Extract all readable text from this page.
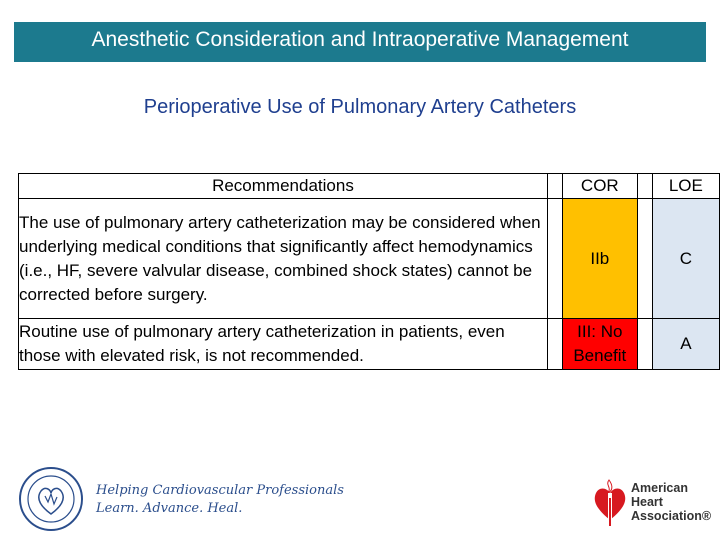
Anesthetic Consideration and Intraoperative Management
Perioperative Use of Pulmonary Artery Catheters
Recommendations		COR		LOE
The use of pulmonary artery catheterization may be considered when underlying medical conditions that significantly affect hemodynamics (i.e., HF, severe valvular disease, combined shock states) cannot be corrected before surgery.		IIb		C
Routine use of pulmonary artery catheterization in patients, even those with elevated risk, is not recommended.		III: No Benefit		A
Helping Cardiovascular Professionals
Learn. Advance. Heal.
American
Heart
Association®
